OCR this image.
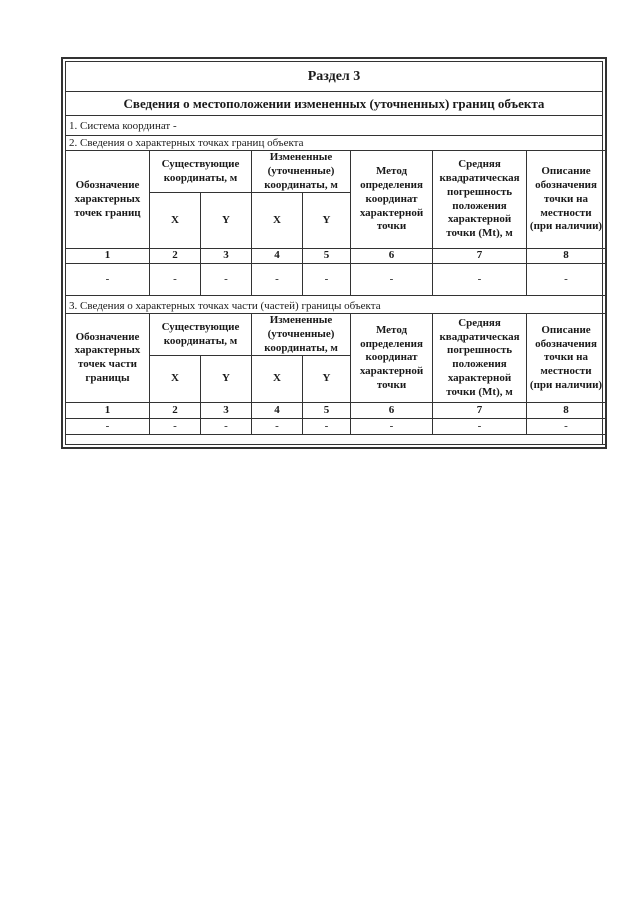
Раздел 3
Сведения о местоположении измененных (уточненных) границ объекта
1. Система координат -
2. Сведения о характерных точках границ объекта
Обозначение характерных точек границ	Существующие координаты, м		Измененные (уточненные) координаты, м		Метод определения координат характерной точки	Средняя квадратическая погрешность положения характерной точки (Mt), м	Описание обозначения точки на местности (при наличии)
	X	Y	X	Y			
1	2	3	4	5	6	7	8
-	-	-	-	-	-	-	-
3. Сведения о характерных точках части (частей) границы объекта
Обозначение характерных точек части границы	Существующие координаты, м		Измененные (уточненные) координаты, м		Метод определения координат характерной точки	Средняя квадратическая погрешность положения характерной точки (Mt), м	Описание обозначения точки на местности (при наличии)
	X	Y	X	Y			
1	2	3	4	5	6	7	8
-	-	-	-	-	-	-	-
